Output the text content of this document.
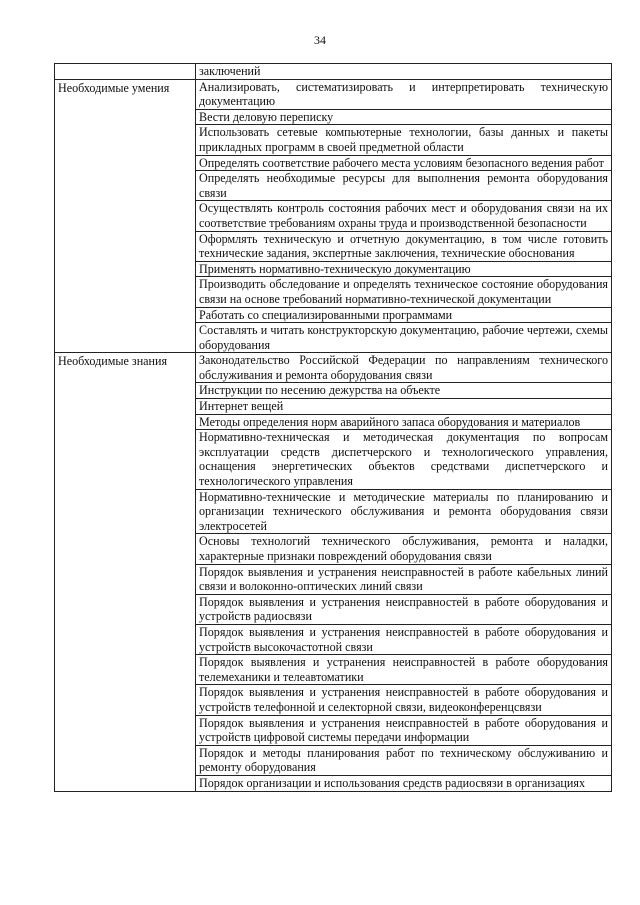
34
	заключений
Необходимые умения	Анализировать, систематизировать и интерпретировать техническую документацию
	Вести деловую переписку
	Использовать сетевые компьютерные технологии, базы данных и пакеты прикладных программ в своей предметной области
	Определять соответствие рабочего места условиям безопасного ведения работ
	Определять необходимые ресурсы для выполнения ремонта оборудования связи
	Осуществлять контроль состояния рабочих мест и оборудования связи на их соответствие требованиям охраны труда и производственной безопасности
	Оформлять техническую и отчетную документацию, в том числе готовить технические задания, экспертные заключения, технические обоснования
	Применять нормативно-техническую документацию
	Производить обследование и определять техническое состояние оборудования связи на основе требований нормативно-технической документации
	Работать со специализированными программами
	Составлять и читать конструкторскую документацию, рабочие чертежи, схемы оборудования
Необходимые знания	Законодательство Российской Федерации по направлениям технического обслуживания и ремонта оборудования связи
	Инструкции по несению дежурства на объекте
	Интернет вещей
	Методы определения норм аварийного запаса оборудования и материалов
	Нормативно-техническая и методическая документация по вопросам эксплуатации средств диспетчерского и технологического управления, оснащения энергетических объектов средствами диспетчерского и технологического управления
	Нормативно-технические и методические материалы по планированию и организации технического обслуживания и ремонта оборудования связи электросетей
	Основы технологий технического обслуживания, ремонта и наладки, характерные признаки повреждений оборудования связи
	Порядок выявления и устранения неисправностей в работе кабельных линий связи и волоконно-оптических линий связи
	Порядок выявления и устранения неисправностей в работе оборудования и устройств радиосвязи
	Порядок выявления и устранения неисправностей в работе оборудования и устройств высокочастотной связи
	Порядок выявления и устранения неисправностей в работе оборудования телемеханики и телеавтоматики
	Порядок выявления и устранения неисправностей в работе оборудования и устройств телефонной и селекторной связи, видеоконференцсвязи
	Порядок выявления и устранения неисправностей в работе оборудования и устройств цифровой системы передачи информации
	Порядок и методы планирования работ по техническому обслуживанию и ремонту оборудования
	Порядок организации и использования средств радиосвязи в организациях
